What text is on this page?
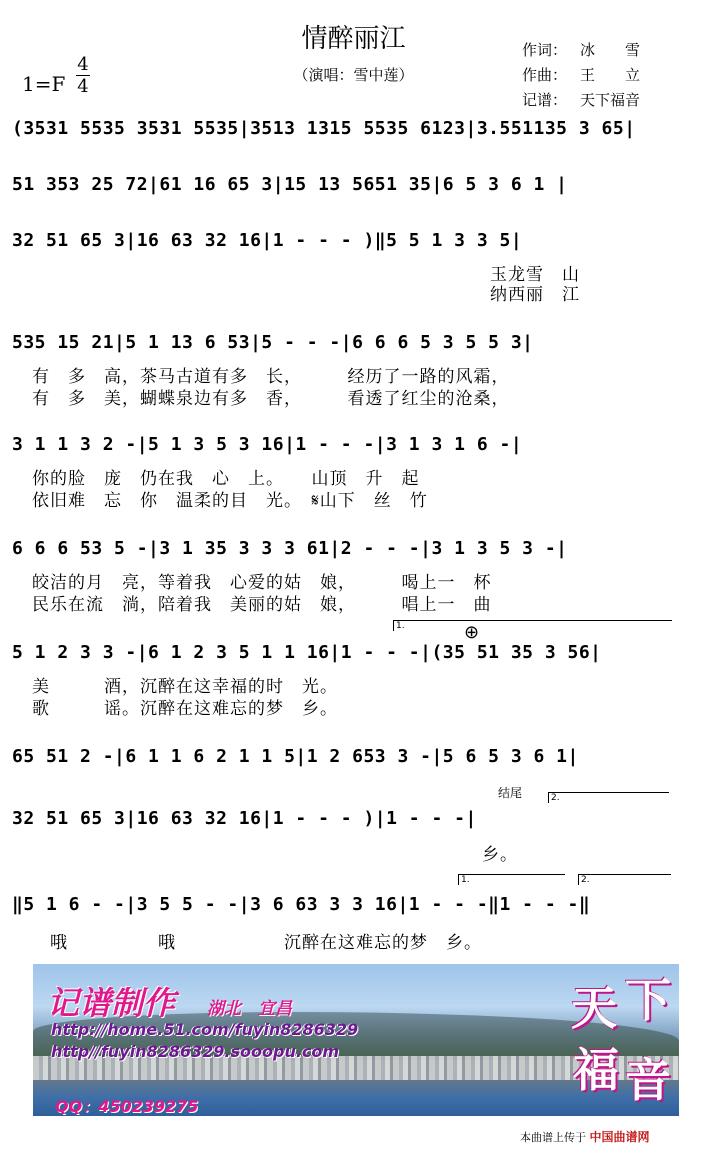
情醉丽江
（演唱：雪中莲）
1=F
4
4
作词： 冰　　雪
作曲： 王　　立
记谱： 天下福音
(3531 5535 3531 5535|3513 1315 5535 6123|3.551135 3 65|
51 353 25 72|61 16 65 3|15 13 5651 35|6 5 3 6 1 |
32 51 65 3|16 63 32 16|1 - - - )‖5 5 1 3 3 5|
玉龙雪　山
纳西丽　江
535 15 21|5 1 13 6 53|5 - - -|6 6 6 5 3 5 5 3|
有　多　高，茶马古道有多　长，　　　经历了一路的风霜，
有　多　美，蝴蝶泉边有多　香，　　　看透了红尘的沧桑，
3 1 1 3 2 -|5 1 3 5 3 16|1 - - -|3 1 3 1 6 -|
你的脸　庞　仍在我　心　上。　　山顶　升　起
依旧难　忘　你　温柔的目　光。　𝄋山下　丝　竹
6 6 6 53 5 -|3 1 35 3 3 3 61|2 - - -|3 1 3 5 3 -|
皎洁的月　亮，等着我　心爱的姑　娘，　　　喝上一　杯
民乐在流　淌，陪着我　美丽的姑　娘，　　　唱上一　曲
1.	⊕
5 1 2 3 3 -|6 1 2 3 5 1 1 16|1 - - -|(35 51 35 3 56|
美　　　酒，沉醉在这幸福的时　光。
歌　　　谣。沉醉在这难忘的梦　乡。
65 51 2 -|6 1 1 6 2 1 1 5|1 2 653 3 -|5 6 5 3 6 1|
结尾	2.
32 51 65 3|16 63 32 16|1 - - - )|1 - - -|
　　　　　　　　　　　　　　　　　　　　　　　　　乡。
1.	2.
‖5 1 6 - -|3 5 5 - -|3 6 63 3 3 16|1 - - -‖1 - - -‖
　哦　　　　　哦　　　　　　沉醉在这难忘的梦　乡。
记谱制作 湖北　宜昌
http://home.51.com/fuyin8286329
http//fuyin8286329.sooopu.com
QQ：450239275
天 下
福 音
本曲谱上传于 中国曲谱网
